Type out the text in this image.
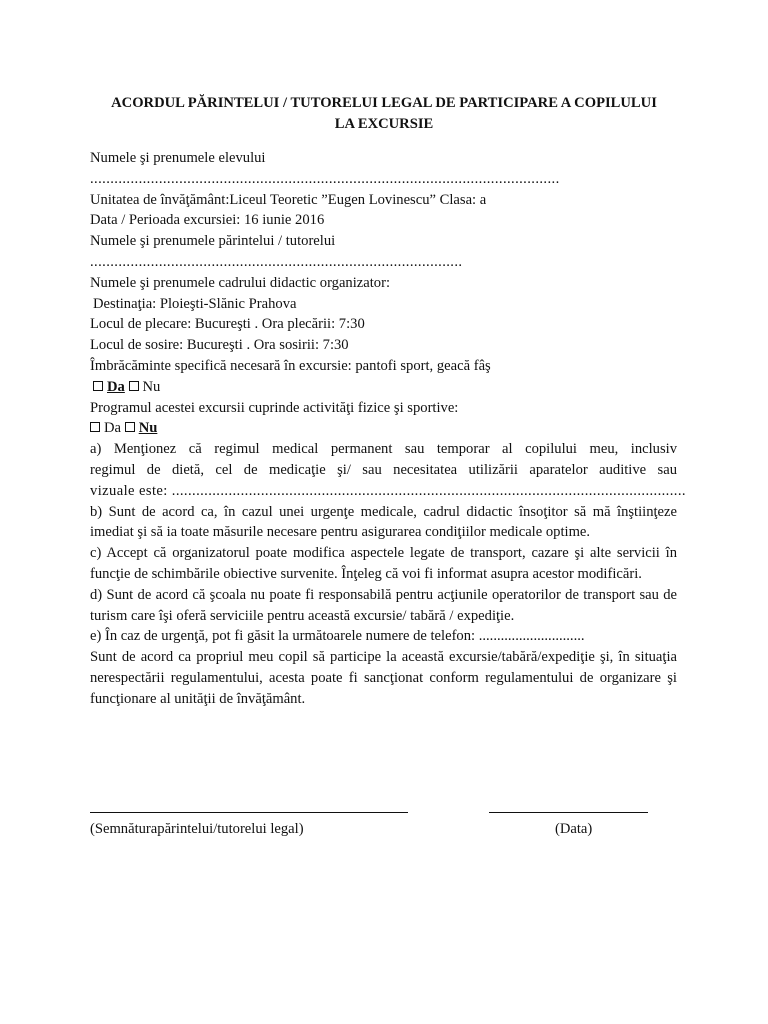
ACORDUL PĂRINTELUI / TUTORELUI LEGAL DE PARTICIPARE A COPILULUI
LA EXCURSIE
Numele şi prenumele elevului
....................................................................................................................
Unitatea de învăţământ:Liceul Teoretic ”Eugen Lovinescu” Clasa: a
Data / Perioada excursiei: 16 iunie 2016
Numele şi prenumele părintelui / tutorelui
............................................................................................
Numele şi prenumele cadrului didactic organizator:
Destinaţia: Ploieşti-Slănic Prahova
Locul de plecare: Bucureşti . Ora plecării: 7:30
Locul de sosire: Bucureşti . Ora sosirii: 7:30
Îmbrăcăminte specifică necesară în excursie: pantofi sport, geacă fâş
Da Nu
Programul acestei excursii cuprinde activităţi fizice şi sportive:
Da Nu
a) Menţionez că regimul medical permanent sau temporar al copilului meu, inclusiv
regimul de dietă, cel de medicaţie şi/ sau necesitatea utilizării aparatelor auditive sau
vizuale este: ...............................................................................................................................
b) Sunt de acord ca, în cazul unei urgenţe medicale, cadrul didactic însoţitor să mă înştiinţeze imediat şi să ia toate măsurile necesare pentru asigurarea condiţiilor medicale optime.
c) Accept că organizatorul poate modifica aspectele legate de transport, cazare şi alte servicii în funcţie de schimbările obiective survenite. Înţeleg că voi fi informat asupra acestor modificări.
d) Sunt de acord că şcoala nu poate fi responsabilă pentru acţiunile operatorilor de transport sau de turism care îşi oferă serviciile pentru această excursie/ tabără / expediţie.
e) În caz de urgenţă, pot fi găsit la următoarele numere de telefon: .............................
Sunt de acord ca propriul meu copil să participe la această excursie/tabără/expediţie şi, în situaţia nerespectării regulamentului, acesta poate fi sancţionat conform regulamentului de organizare şi funcţionare al unităţii de învăţământ.
(Semnăturapărintelui/tutorelui legal)	(Data)
